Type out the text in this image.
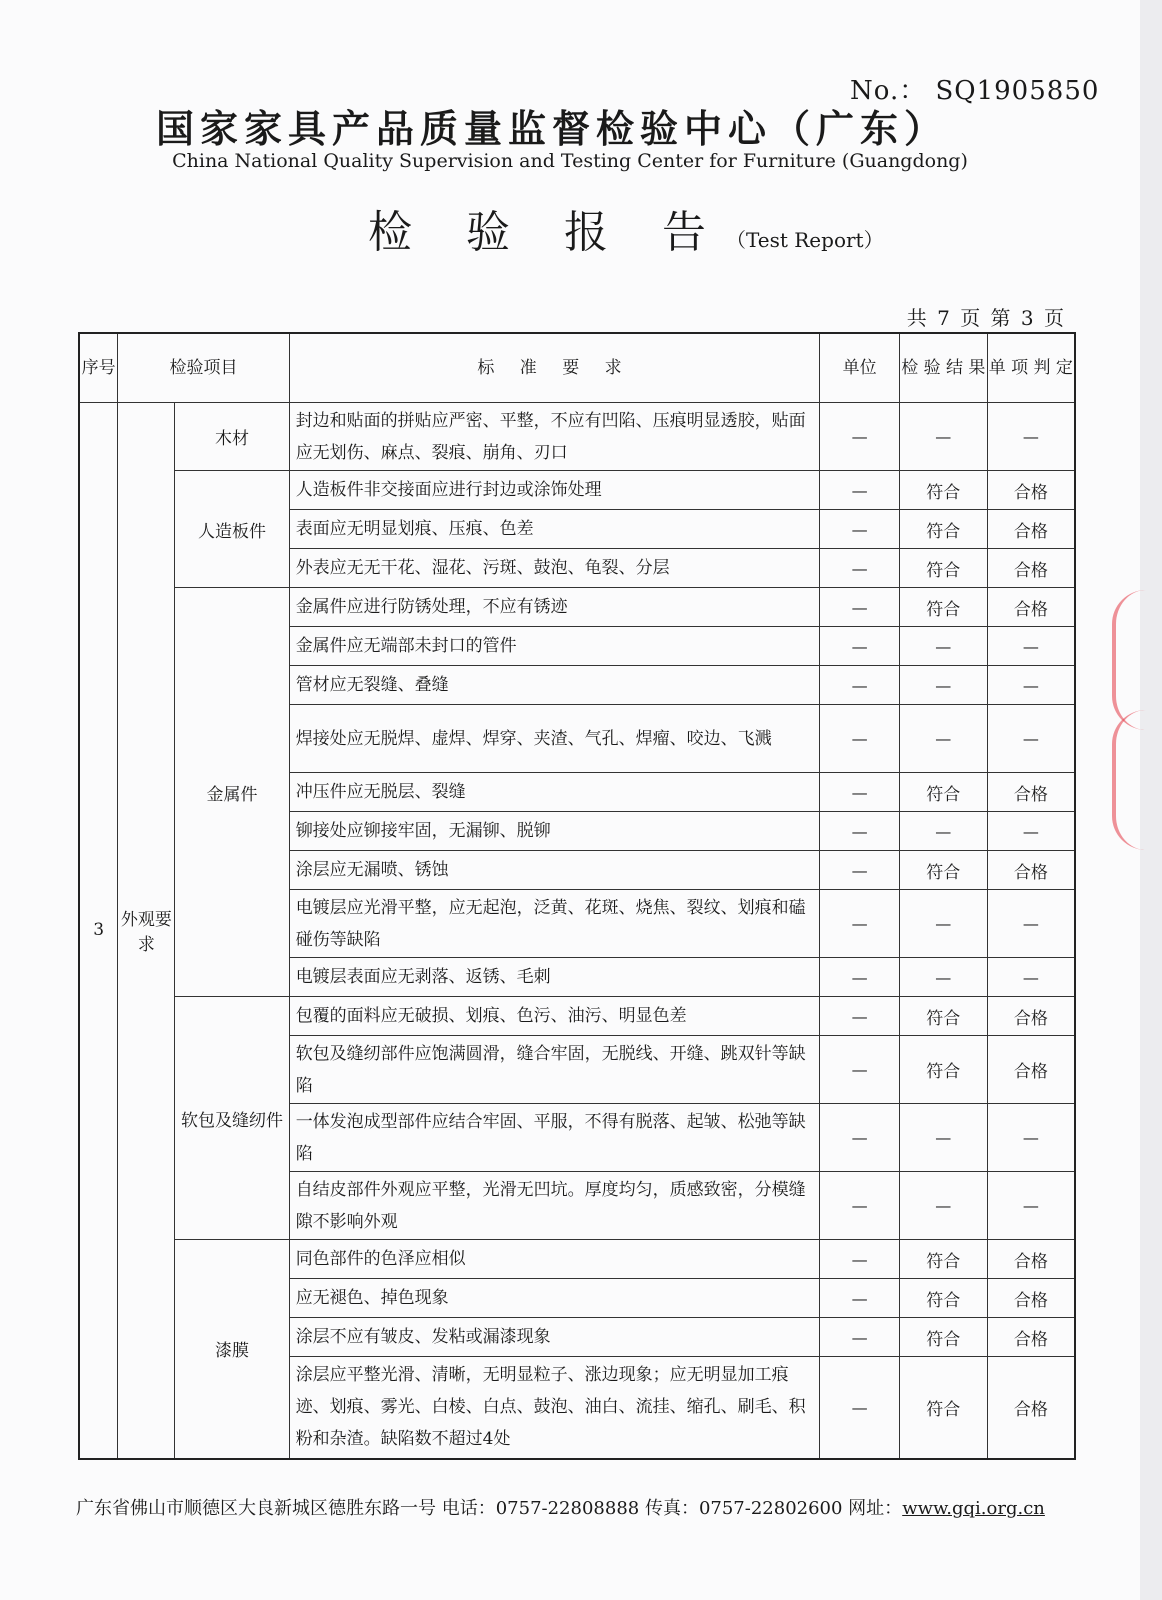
No.： SQ1905850
国家家具产品质量监督检验中心（广东）
China National Quality Supervision and Testing Center for Furniture (Guangdong)
检 验 报 告（Test Report）
共 7 页 第 3 页
序号	检验项目		标 准 要 求	单位	检 验 结 果	单 项 判 定
3	外观要求	木材	封边和贴面的拼贴应严密、平整，不应有凹陷、压痕明显透胶，贴面应无划伤、麻点、裂痕、崩角、刃口	—	—	—
		人造板件	人造板件非交接面应进行封边或涂饰处理	—	符合	合格
			表面应无明显划痕、压痕、色差	—	符合	合格
			外表应无无干花、湿花、污斑、鼓泡、龟裂、分层	—	符合	合格
		金属件	金属件应进行防锈处理，不应有锈迹	—	符合	合格
			金属件应无端部未封口的管件	—	—	—
			管材应无裂缝、叠缝	—	—	—
			焊接处应无脱焊、虚焊、焊穿、夹渣、气孔、焊瘤、咬边、飞溅	—	—	—
			冲压件应无脱层、裂缝	—	符合	合格
			铆接处应铆接牢固，无漏铆、脱铆	—	—	—
			涂层应无漏喷、锈蚀	—	符合	合格
			电镀层应光滑平整，应无起泡，泛黄、花斑、烧焦、裂纹、划痕和磕碰伤等缺陷	—	—	—
			电镀层表面应无剥落、返锈、毛刺	—	—	—
		软包及缝纫件	包覆的面料应无破损、划痕、色污、油污、明显色差	—	符合	合格
			软包及缝纫部件应饱满圆滑，缝合牢固，无脱线、开缝、跳双针等缺陷	—	符合	合格
			一体发泡成型部件应结合牢固、平服，不得有脱落、起皱、松弛等缺陷	—	—	—
			自结皮部件外观应平整，光滑无凹坑。厚度均匀，质感致密，分模缝隙不影响外观	—	—	—
		漆膜	同色部件的色泽应相似	—	符合	合格
			应无褪色、掉色现象	—	符合	合格
			涂层不应有皱皮、发粘或漏漆现象	—	符合	合格
			涂层应平整光滑、清晰，无明显粒子、涨边现象；应无明显加工痕迹、划痕、雾光、白棱、白点、鼓泡、油白、流挂、缩孔、刷毛、积粉和杂渣。缺陷数不超过4处	—	符合	合格
广东省佛山市顺德区大良新城区德胜东路一号 电话：0757-22808888 传真：0757-22802600 网址：www.gqi.org.cn
